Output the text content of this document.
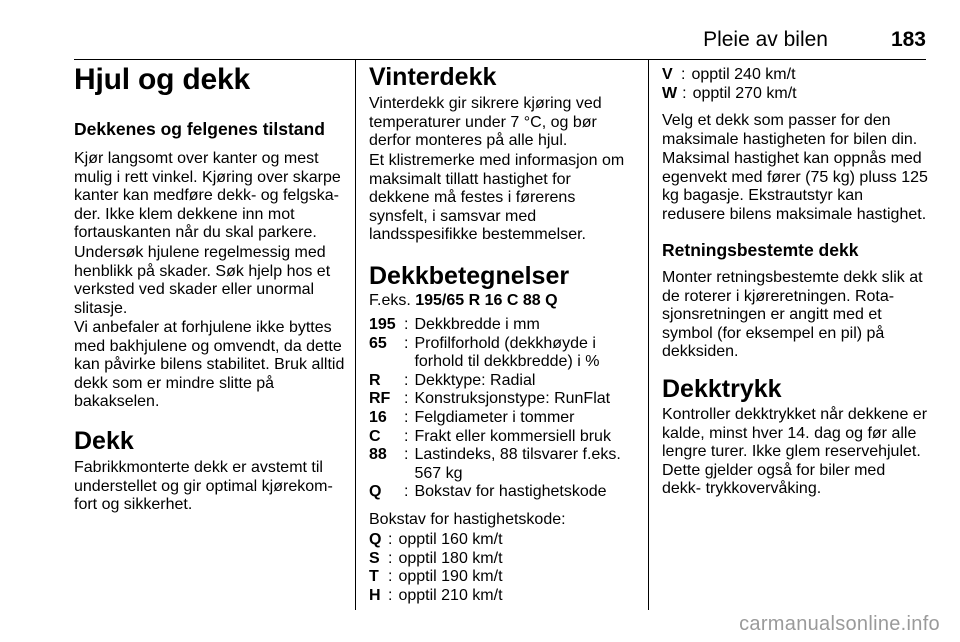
Pleie av bilen	183
Hjul og dekk
Dekkenes og felgenes tilstand

Kjør langsomt over kanter og mest mulig i rett vinkel. Kjøring over skarpe kanter kan medføre dekk- og felgska- der. Ikke klem dekkene inn mot fortauskanten når du skal parkere.

Undersøk hjulene regelmessig med henblikk på skader. Søk hjelp hos et verksted ved skader eller unormal slitasje.

Vi anbefaler at forhjulene ikke byttes med bakhjulene og omvendt, da dette kan påvirke bilens stabilitet. Bruk alltid dekk som er mindre slitte på bakakselen.

Dekk

Fabrikkmonterte dekk er avstemt til understellet og gir optimal kjørekom- fort og sikkerhet.

Vinterdekk

Vinterdekk gir sikrere kjøring ved temperaturer under 7 °C, og bør derfor monteres på alle hjul.

Et klistremerke med informasjon om maksimalt tillatt hastighet for dekkene må festes i førerens synsfelt, i samsvar med landsspesifikke bestemmelser.

Dekkbetegnelser

F.eks. 195/65 R 16 C 88 Q

195 : Dekkbredde i mm
65	: Profilforhold (dekkhøyde i forhold til dekkbredde) i %
R	: Dekktype: Radial
RF : Konstruksjonstype: RunFlat
16	: Felgdiameter i tommer
C	: Frakt eller kommersiell bruk
88	: Lastindeks, 88 tilsvarer f.eks. 567 kg
Q	: Bokstav for hastighetskode

Bokstav for hastighetskode:

Q : opptil 160 km/t
S : opptil 180 km/t
T : opptil 190 km/t
H : opptil 210 km/t
V : opptil 240 km/t
W : opptil 270 km/t

Velg et dekk som passer for den maksimale hastigheten for bilen din.

Maksimal hastighet kan oppnås med egenvekt med fører (75 kg) pluss 125 kg bagasje. Ekstrautstyr kan redusere bilens maksimale hastighet.

Retningsbestemte dekk

Monter retningsbestemte dekk slik at de roterer i kjøreretningen. Rota- sjonsretningen er angitt med et symbol (for eksempel en pil) på dekksiden.

Dekktrykk

Kontroller dekktrykket når dekkene er kalde, minst hver 14. dag og før alle lengre turer. Ikke glem reservehjulet. Dette gjelder også for biler med dekk- trykkovervåking.

carmanualsonline.info
